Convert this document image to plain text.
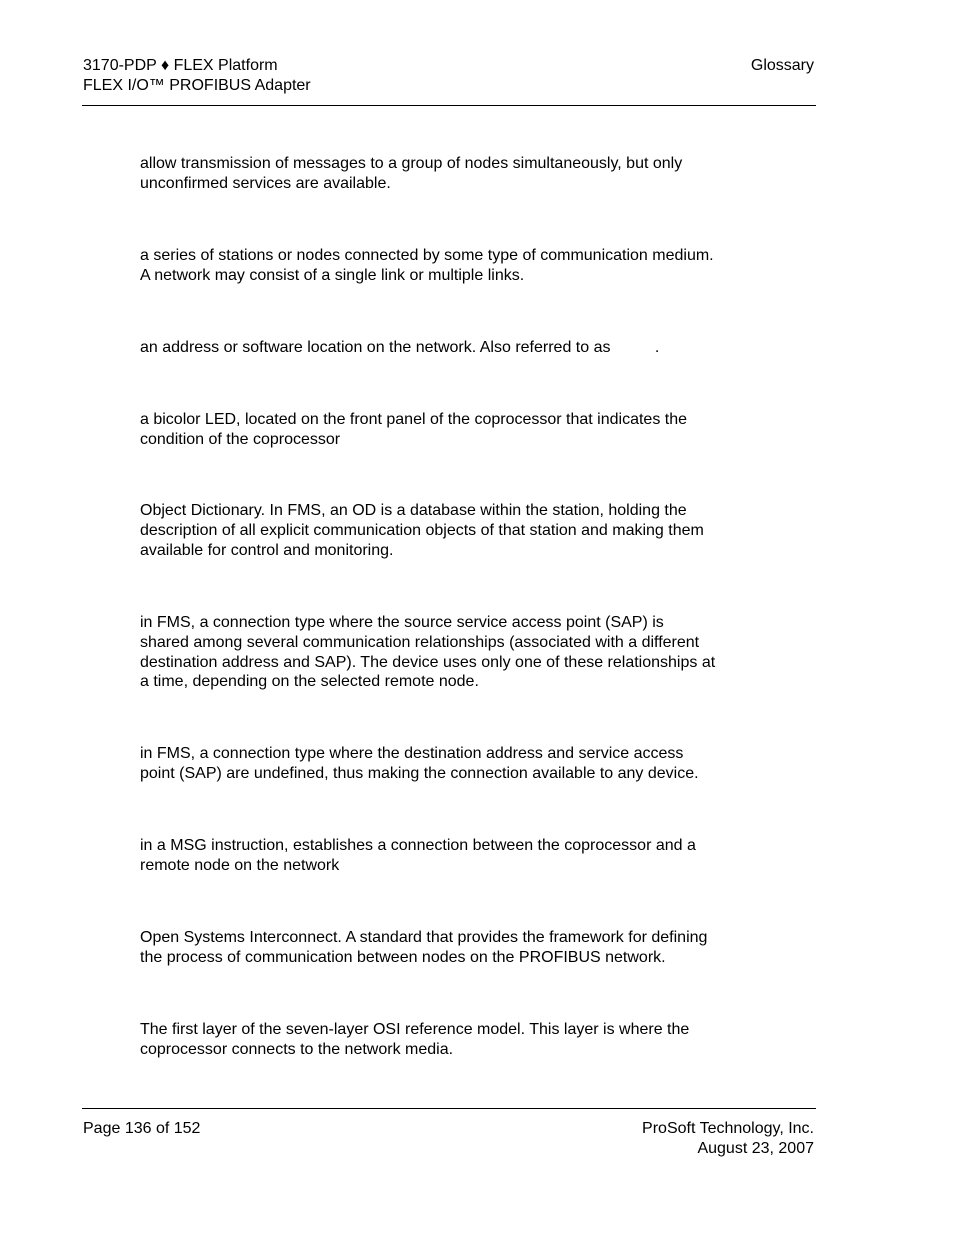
3170-PDP ♦ FLEX Platform
FLEX I/O™ PROFIBUS Adapter
Glossary
allow transmission of messages to a group of nodes simultaneously, but only
unconfirmed services are available.
a series of stations or nodes connected by some type of communication medium.
A network may consist of a single link or multiple links.
an address or software location on the network. Also referred to as          .
a bicolor LED, located on the front panel of the coprocessor that indicates the
condition of the coprocessor
Object Dictionary. In FMS, an OD is a database within the station, holding the
description of all explicit communication objects of that station and making them
available for control and monitoring.
in FMS, a connection type where the source service access point (SAP) is
shared among several communication relationships (associated with a different
destination address and SAP). The device uses only one of these relationships at
a time, depending on the selected remote node.
in FMS, a connection type where the destination address and service access
point (SAP) are undefined, thus making the connection available to any device.
in a MSG instruction, establishes a connection between the coprocessor and a
remote node on the network
Open Systems Interconnect. A standard that provides the framework for defining
the process of communication between nodes on the PROFIBUS network.
The first layer of the seven-layer OSI reference model. This layer is where the
coprocessor connects to the network media.
Page 136 of 152	ProSoft Technology, Inc.
August 23, 2007
